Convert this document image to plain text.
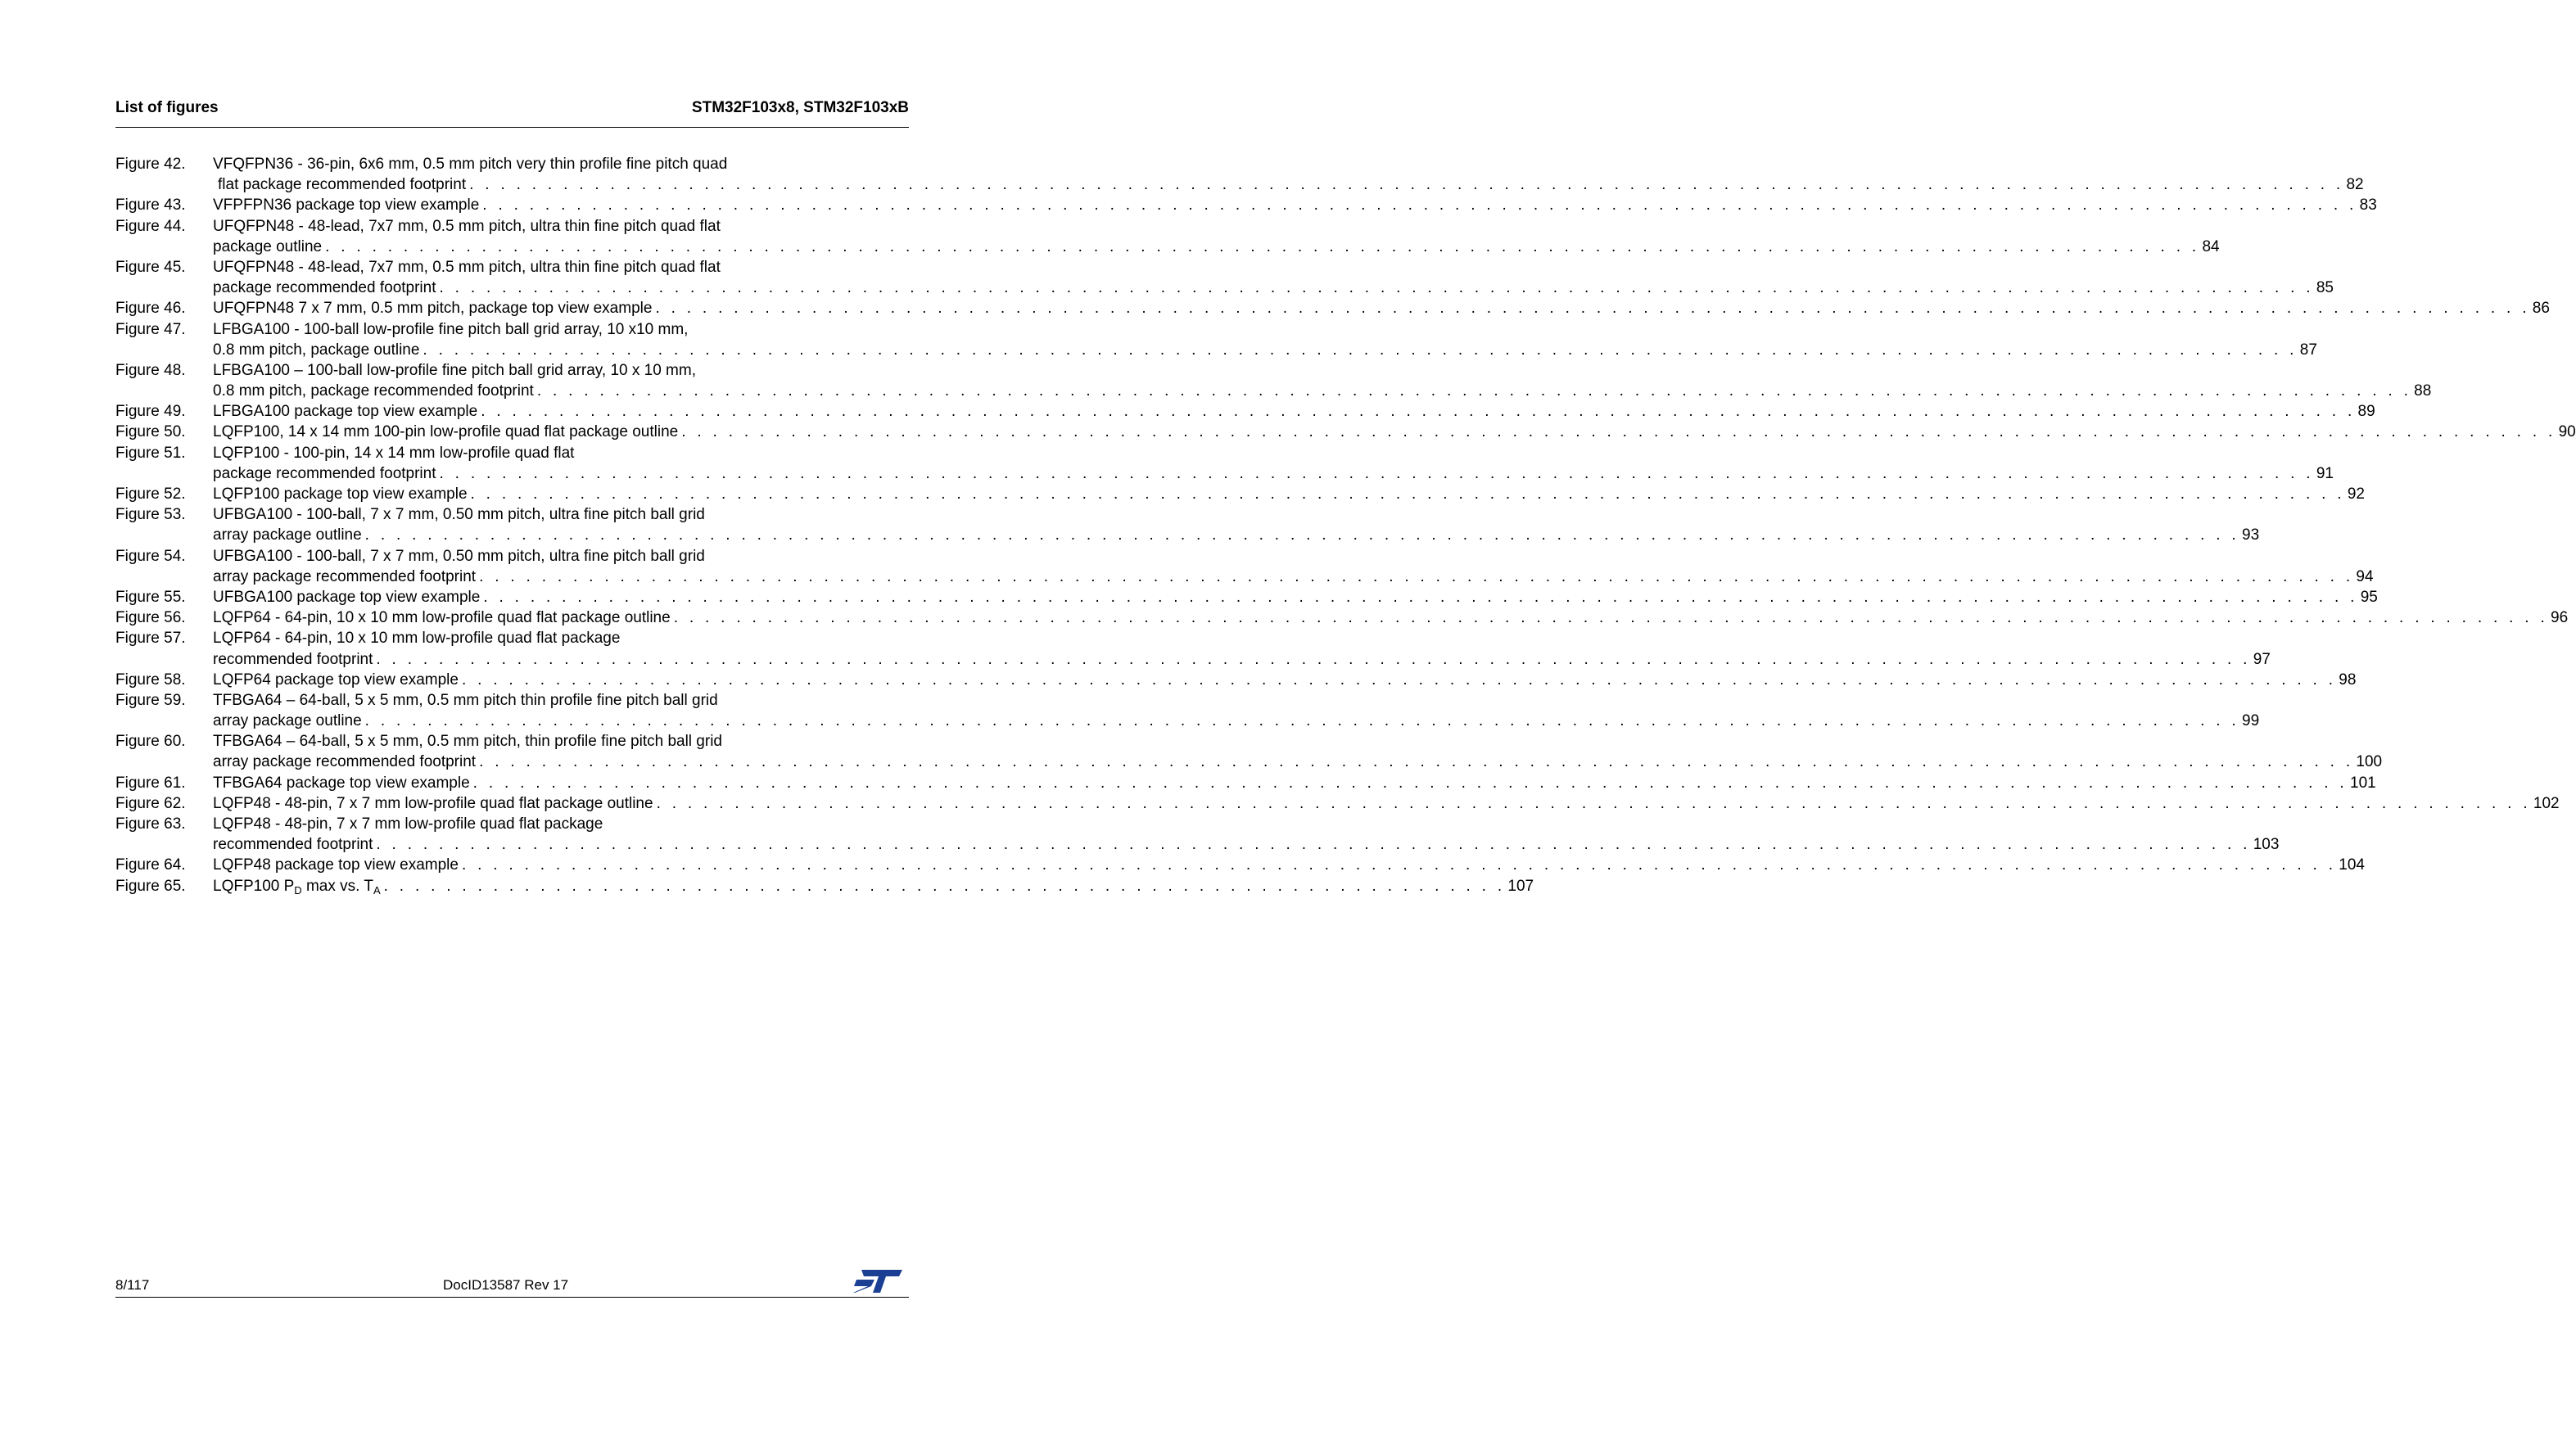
List of figures	STM32F103x8, STM32F103xB
Figure 42. VFQFPN36 - 36-pin, 6x6 mm, 0.5 mm pitch very thin profile fine pitch quad
flat package recommended footprint . . . . . . . . . . . . . . . . . . . . . . . . . . . . . . . . . . . . . . . . . . . . . . . . . . . . . . . . . . . . . . . . . . . . . . . . . . . . . . . . . . . . . . . . . . . . . . . . . . . . . . . . . . . . . . . . . . . . . . . . 82
Figure 43. VFPFPN36 package top view example . . . . . . . . . . . . . . . . . . . . . . . . . . . . . . . . . . . . . . . . . . . . . . . . . . . . . . . . . . . . . . . . . . . . . . . . . . . . . . . . . . . . . . . . . . . . . . . . . . . . . . . . . . . . . . . . . . . . . . . . 83
Figure 44. UFQFPN48 - 48-lead, 7x7 mm, 0.5 mm pitch, ultra thin fine pitch quad flat
package outline . . . . . . . . . . . . . . . . . . . . . . . . . . . . . . . . . . . . . . . . . . . . . . . . . . . . . . . . . . . . . . . . . . . . . . . . . . . . . . . . . . . . . . . . . . . . . . . . . . . . . . . . . . . . . . . . . . . . . . . . 84
Figure 45. UFQFPN48 - 48-lead, 7x7 mm, 0.5 mm pitch, ultra thin fine pitch quad flat
package recommended footprint . . . . . . . . . . . . . . . . . . . . . . . . . . . . . . . . . . . . . . . . . . . . . . . . . . . . . . . . . . . . . . . . . . . . . . . . . . . . . . . . . . . . . . . . . . . . . . . . . . . . . . . . . . . . . . . . . . . . . . . . 85
Figure 46. UFQFPN48 7 x 7 mm, 0.5 mm pitch, package top view example . . . . . . . . . . . . . . . . . . . . . . . . . . . . . . . . . . . . . . . . . . . . . . . . . . . . . . . . . . . . . . . . . . . . . . . . . . . . . . . . . . . . . . . . . . . . . . . . . . . . . . . . . . . . . . . . . . . . . . . . 86
Figure 47. LFBGA100 - 100-ball low-profile fine pitch ball grid array, 10 x10 mm,
0.8 mm pitch, package outline . . . . . . . . . . . . . . . . . . . . . . . . . . . . . . . . . . . . . . . . . . . . . . . . . . . . . . . . . . . . . . . . . . . . . . . . . . . . . . . . . . . . . . . . . . . . . . . . . . . . . . . . . . . . . . . . . . . . . . . . 87
Figure 48. LFBGA100 – 100-ball low-profile fine pitch ball grid array, 10 x 10 mm,
0.8 mm pitch, package recommended footprint . . . . . . . . . . . . . . . . . . . . . . . . . . . . . . . . . . . . . . . . . . . . . . . . . . . . . . . . . . . . . . . . . . . . . . . . . . . . . . . . . . . . . . . . . . . . . . . . . . . . . . . . . . . . . . . . . . . . . . . . 88
Figure 49. LFBGA100 package top view example . . . . . . . . . . . . . . . . . . . . . . . . . . . . . . . . . . . . . . . . . . . . . . . . . . . . . . . . . . . . . . . . . . . . . . . . . . . . . . . . . . . . . . . . . . . . . . . . . . . . . . . . . . . . . . . . . . . . . . . . 89
Figure 50. LQFP100, 14 x 14 mm 100-pin low-profile quad flat package outline . . . . . . . . . . . . . . . . . . . . . . . . . . . . . . . . . . . . . . . . . . . . . . . . . . . . . . . . . . . . . . . . . . . . . . . . . . . . . . . . . . . . . . . . . . . . . . . . . . . . . . . . . . . . . . . . . . . . . . . . 90
Figure 51. LQFP100 - 100-pin, 14 x 14 mm low-profile quad flat
package recommended footprint . . . . . . . . . . . . . . . . . . . . . . . . . . . . . . . . . . . . . . . . . . . . . . . . . . . . . . . . . . . . . . . . . . . . . . . . . . . . . . . . . . . . . . . . . . . . . . . . . . . . . . . . . . . . . . . . . . . . . . . . 91
Figure 52. LQFP100 package top view example . . . . . . . . . . . . . . . . . . . . . . . . . . . . . . . . . . . . . . . . . . . . . . . . . . . . . . . . . . . . . . . . . . . . . . . . . . . . . . . . . . . . . . . . . . . . . . . . . . . . . . . . . . . . . . . . . . . . . . . . 92
Figure 53. UFBGA100 - 100-ball, 7 x 7 mm, 0.50 mm pitch, ultra fine pitch ball grid
array package outline . . . . . . . . . . . . . . . . . . . . . . . . . . . . . . . . . . . . . . . . . . . . . . . . . . . . . . . . . . . . . . . . . . . . . . . . . . . . . . . . . . . . . . . . . . . . . . . . . . . . . . . . . . . . . . . . . . . . . . . . 93
Figure 54. UFBGA100 - 100-ball, 7 x 7 mm, 0.50 mm pitch, ultra fine pitch ball grid
array package recommended footprint . . . . . . . . . . . . . . . . . . . . . . . . . . . . . . . . . . . . . . . . . . . . . . . . . . . . . . . . . . . . . . . . . . . . . . . . . . . . . . . . . . . . . . . . . . . . . . . . . . . . . . . . . . . . . . . . . . . . . . . . 94
Figure 55. UFBGA100 package top view example . . . . . . . . . . . . . . . . . . . . . . . . . . . . . . . . . . . . . . . . . . . . . . . . . . . . . . . . . . . . . . . . . . . . . . . . . . . . . . . . . . . . . . . . . . . . . . . . . . . . . . . . . . . . . . . . . . . . . . . . 95
Figure 56. LQFP64 - 64-pin, 10 x 10 mm low-profile quad flat package outline . . . . . . . . . . . . . . . . . . . . . . . . . . . . . . . . . . . . . . . . . . . . . . . . . . . . . . . . . . . . . . . . . . . . . . . . . . . . . . . . . . . . . . . . . . . . . . . . . . . . . . . . . . . . . . . . . . . . . . . . 96
Figure 57. LQFP64 - 64-pin, 10 x 10 mm low-profile quad flat package
recommended footprint . . . . . . . . . . . . . . . . . . . . . . . . . . . . . . . . . . . . . . . . . . . . . . . . . . . . . . . . . . . . . . . . . . . . . . . . . . . . . . . . . . . . . . . . . . . . . . . . . . . . . . . . . . . . . . . . . . . . . . . . 97
Figure 58. LQFP64 package top view example . . . . . . . . . . . . . . . . . . . . . . . . . . . . . . . . . . . . . . . . . . . . . . . . . . . . . . . . . . . . . . . . . . . . . . . . . . . . . . . . . . . . . . . . . . . . . . . . . . . . . . . . . . . . . . . . . . . . . . . . 98
Figure 59. TFBGA64 – 64-ball, 5 x 5 mm, 0.5 mm pitch thin profile fine pitch ball grid
array package outline . . . . . . . . . . . . . . . . . . . . . . . . . . . . . . . . . . . . . . . . . . . . . . . . . . . . . . . . . . . . . . . . . . . . . . . . . . . . . . . . . . . . . . . . . . . . . . . . . . . . . . . . . . . . . . . . . . . . . . . . 99
Figure 60. TFBGA64 – 64-ball, 5 x 5 mm, 0.5 mm pitch, thin profile fine pitch ball grid
array package recommended footprint . . . . . . . . . . . . . . . . . . . . . . . . . . . . . . . . . . . . . . . . . . . . . . . . . . . . . . . . . . . . . . . . . . . . . . . . . . . . . . . . . . . . . . . . . . . . . . . . . . . . . . . . . . . . . . . . . . . . . . . . 100
Figure 61. TFBGA64 package top view example . . . . . . . . . . . . . . . . . . . . . . . . . . . . . . . . . . . . . . . . . . . . . . . . . . . . . . . . . . . . . . . . . . . . . . . . . . . . . . . . . . . . . . . . . . . . . . . . . . . . . . . . . . . . . . . . . . . . . . . . 101
Figure 62. LQFP48 - 48-pin, 7 x 7 mm low-profile quad flat package outline . . . . . . . . . . . . . . . . . . . . . . . . . . . . . . . . . . . . . . . . . . . . . . . . . . . . . . . . . . . . . . . . . . . . . . . . . . . . . . . . . . . . . . . . . . . . . . . . . . . . . . . . . . . . . . . . . . . . . . . . 102
Figure 63. LQFP48 - 48-pin, 7 x 7 mm low-profile quad flat package
recommended footprint . . . . . . . . . . . . . . . . . . . . . . . . . . . . . . . . . . . . . . . . . . . . . . . . . . . . . . . . . . . . . . . . . . . . . . . . . . . . . . . . . . . . . . . . . . . . . . . . . . . . . . . . . . . . . . . . . . . . . . . . 103
Figure 64. LQFP48 package top view example . . . . . . . . . . . . . . . . . . . . . . . . . . . . . . . . . . . . . . . . . . . . . . . . . . . . . . . . . . . . . . . . . . . . . . . . . . . . . . . . . . . . . . . . . . . . . . . . . . . . . . . . . . . . . . . . . . . . . . . . 104
Figure 65. LQFP100 $P_D$ max vs. $T_A$ . . . . . . . . . . . . . . . . . . . . . . . . . . . . . . . . . . . . . . . . . . . . . . . . . . . . . . . . . . . . . . . . . . . . . . . . 107
8/117	DocID13587 Rev 17
